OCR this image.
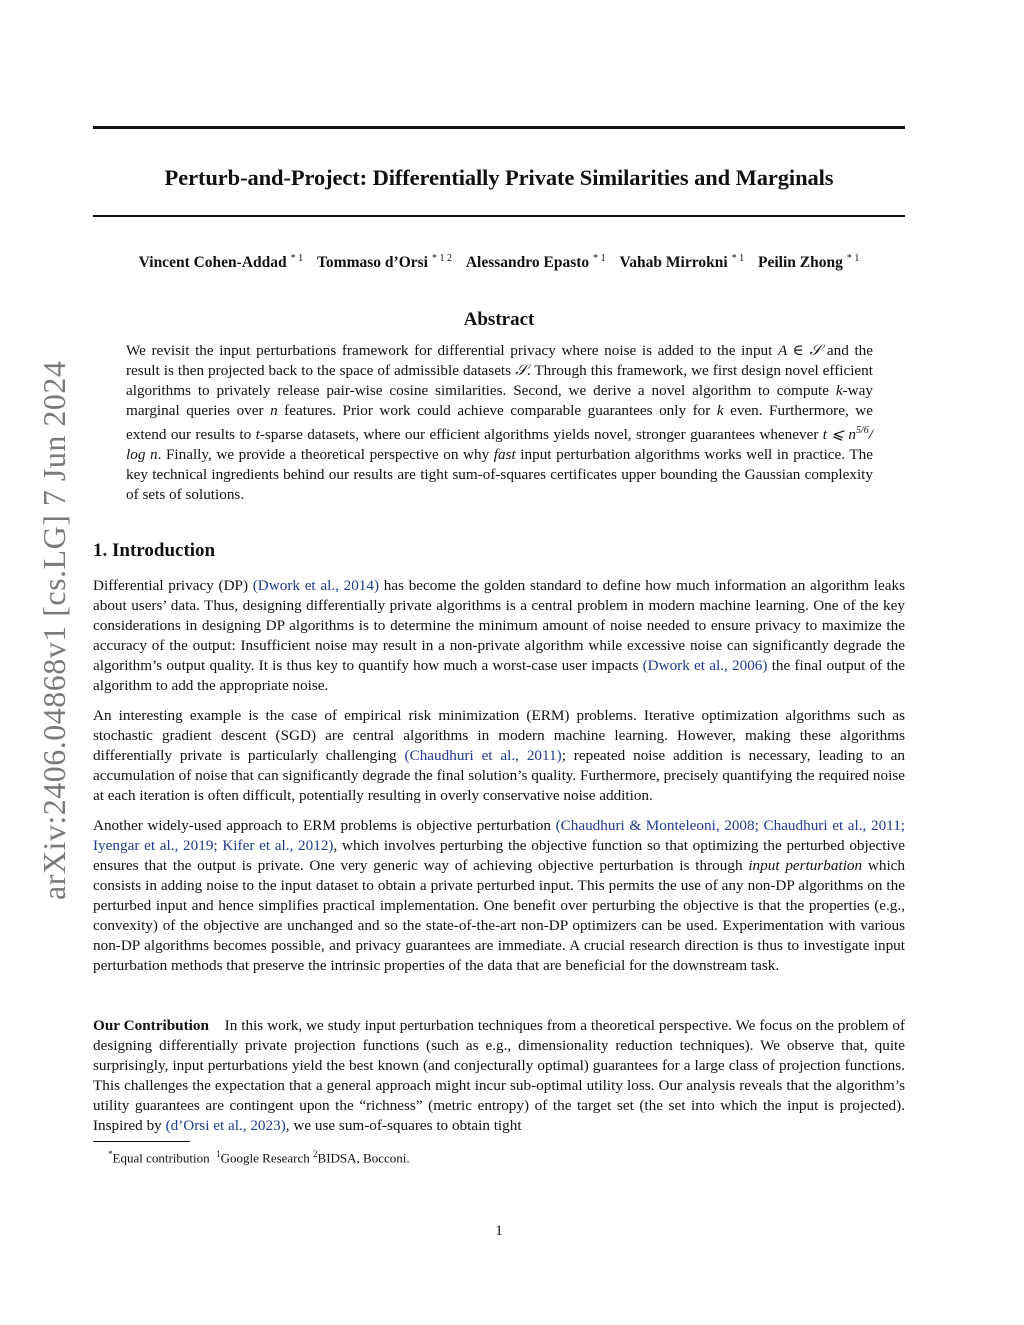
arXiv:2406.04868v1 [cs.LG] 7 Jun 2024
Perturb-and-Project: Differentially Private Similarities and Marginals
Vincent Cohen-Addad $^{* 1}$ Tommaso d’Orsi $^{* 1 2}$ Alessandro Epasto $^{* 1}$ Vahab Mirrokni $^{* 1}$ Peilin Zhong $^{* 1}$
Abstract
We revisit the input perturbations framework for differential privacy where noise is added to the input A ∈ 𝒮 and the result is then projected back to the space of admissible datasets 𝒮. Through this framework, we first design novel efficient algorithms to privately release pair-wise cosine similarities. Second, we derive a novel algorithm to compute k-way marginal queries over n features. Prior work could achieve comparable guarantees only for k even. Furthermore, we extend our results to t-sparse datasets, where our efficient algorithms yields novel, stronger guarantees whenever t ⩽ $n^{5/6}/$ log n. Finally, we provide a theoretical perspective on why fast input perturbation algorithms works well in practice. The key technical ingredients behind our results are tight sum-of-squares certificates upper bounding the Gaussian complexity of sets of solutions.
1. Introduction
Differential privacy (DP) (Dwork et al., 2014) has become the golden standard to define how much information an algorithm leaks about users’ data. Thus, designing differentially private algorithms is a central problem in modern machine learning. One of the key considerations in designing DP algorithms is to determine the minimum amount of noise needed to ensure privacy to maximize the accuracy of the output: Insufficient noise may result in a non-private algorithm while excessive noise can significantly degrade the algorithm’s output quality. It is thus key to quantify how much a worst-case user impacts (Dwork et al., 2006) the final output of the algorithm to add the appropriate noise.
An interesting example is the case of empirical risk minimization (ERM) problems. Iterative optimization algorithms such as stochastic gradient descent (SGD) are central algorithms in modern machine learning. However, making these algorithms differentially private is particularly challenging (Chaudhuri et al., 2011); repeated noise addition is necessary, leading to an accumulation of noise that can significantly degrade the final solution’s quality. Furthermore, precisely quantifying the required noise at each iteration is often difficult, potentially resulting in overly conservative noise addition.
Another widely-used approach to ERM problems is objective perturbation (Chaudhuri & Monteleoni, 2008; Chaudhuri et al., 2011; Iyengar et al., 2019; Kifer et al., 2012), which involves perturbing the objective function so that optimizing the perturbed objective ensures that the output is private. One very generic way of achieving objective perturbation is through input perturbation which consists in adding noise to the input dataset to obtain a private perturbed input. This permits the use of any non-DP algorithms on the perturbed input and hence simplifies practical implementation. One benefit over perturbing the objective is that the properties (e.g., convexity) of the objective are unchanged and so the state-of-the-art non-DP optimizers can be used. Experimentation with various non-DP algorithms becomes possible, and privacy guarantees are immediate. A crucial research direction is thus to investigate input perturbation methods that preserve the intrinsic properties of the data that are beneficial for the downstream task.
Our Contribution In this work, we study input perturbation techniques from a theoretical perspective. We focus on the problem of designing differentially private projection functions (such as e.g., dimensionality reduction techniques). We observe that, quite surprisingly, input perturbations yield the best known (and conjecturally optimal) guarantees for a large class of projection functions. This challenges the expectation that a general approach might incur sub-optimal utility loss. Our analysis reveals that the algorithm’s utility guarantees are contingent upon the “richness” (metric entropy) of the target set (the set into which the input is projected). Inspired by (d’Orsi et al., 2023), we use sum-of-squares to obtain tight
*Equal contribution  $^1$Google Research $^2$BIDSA, Bocconi.
1
